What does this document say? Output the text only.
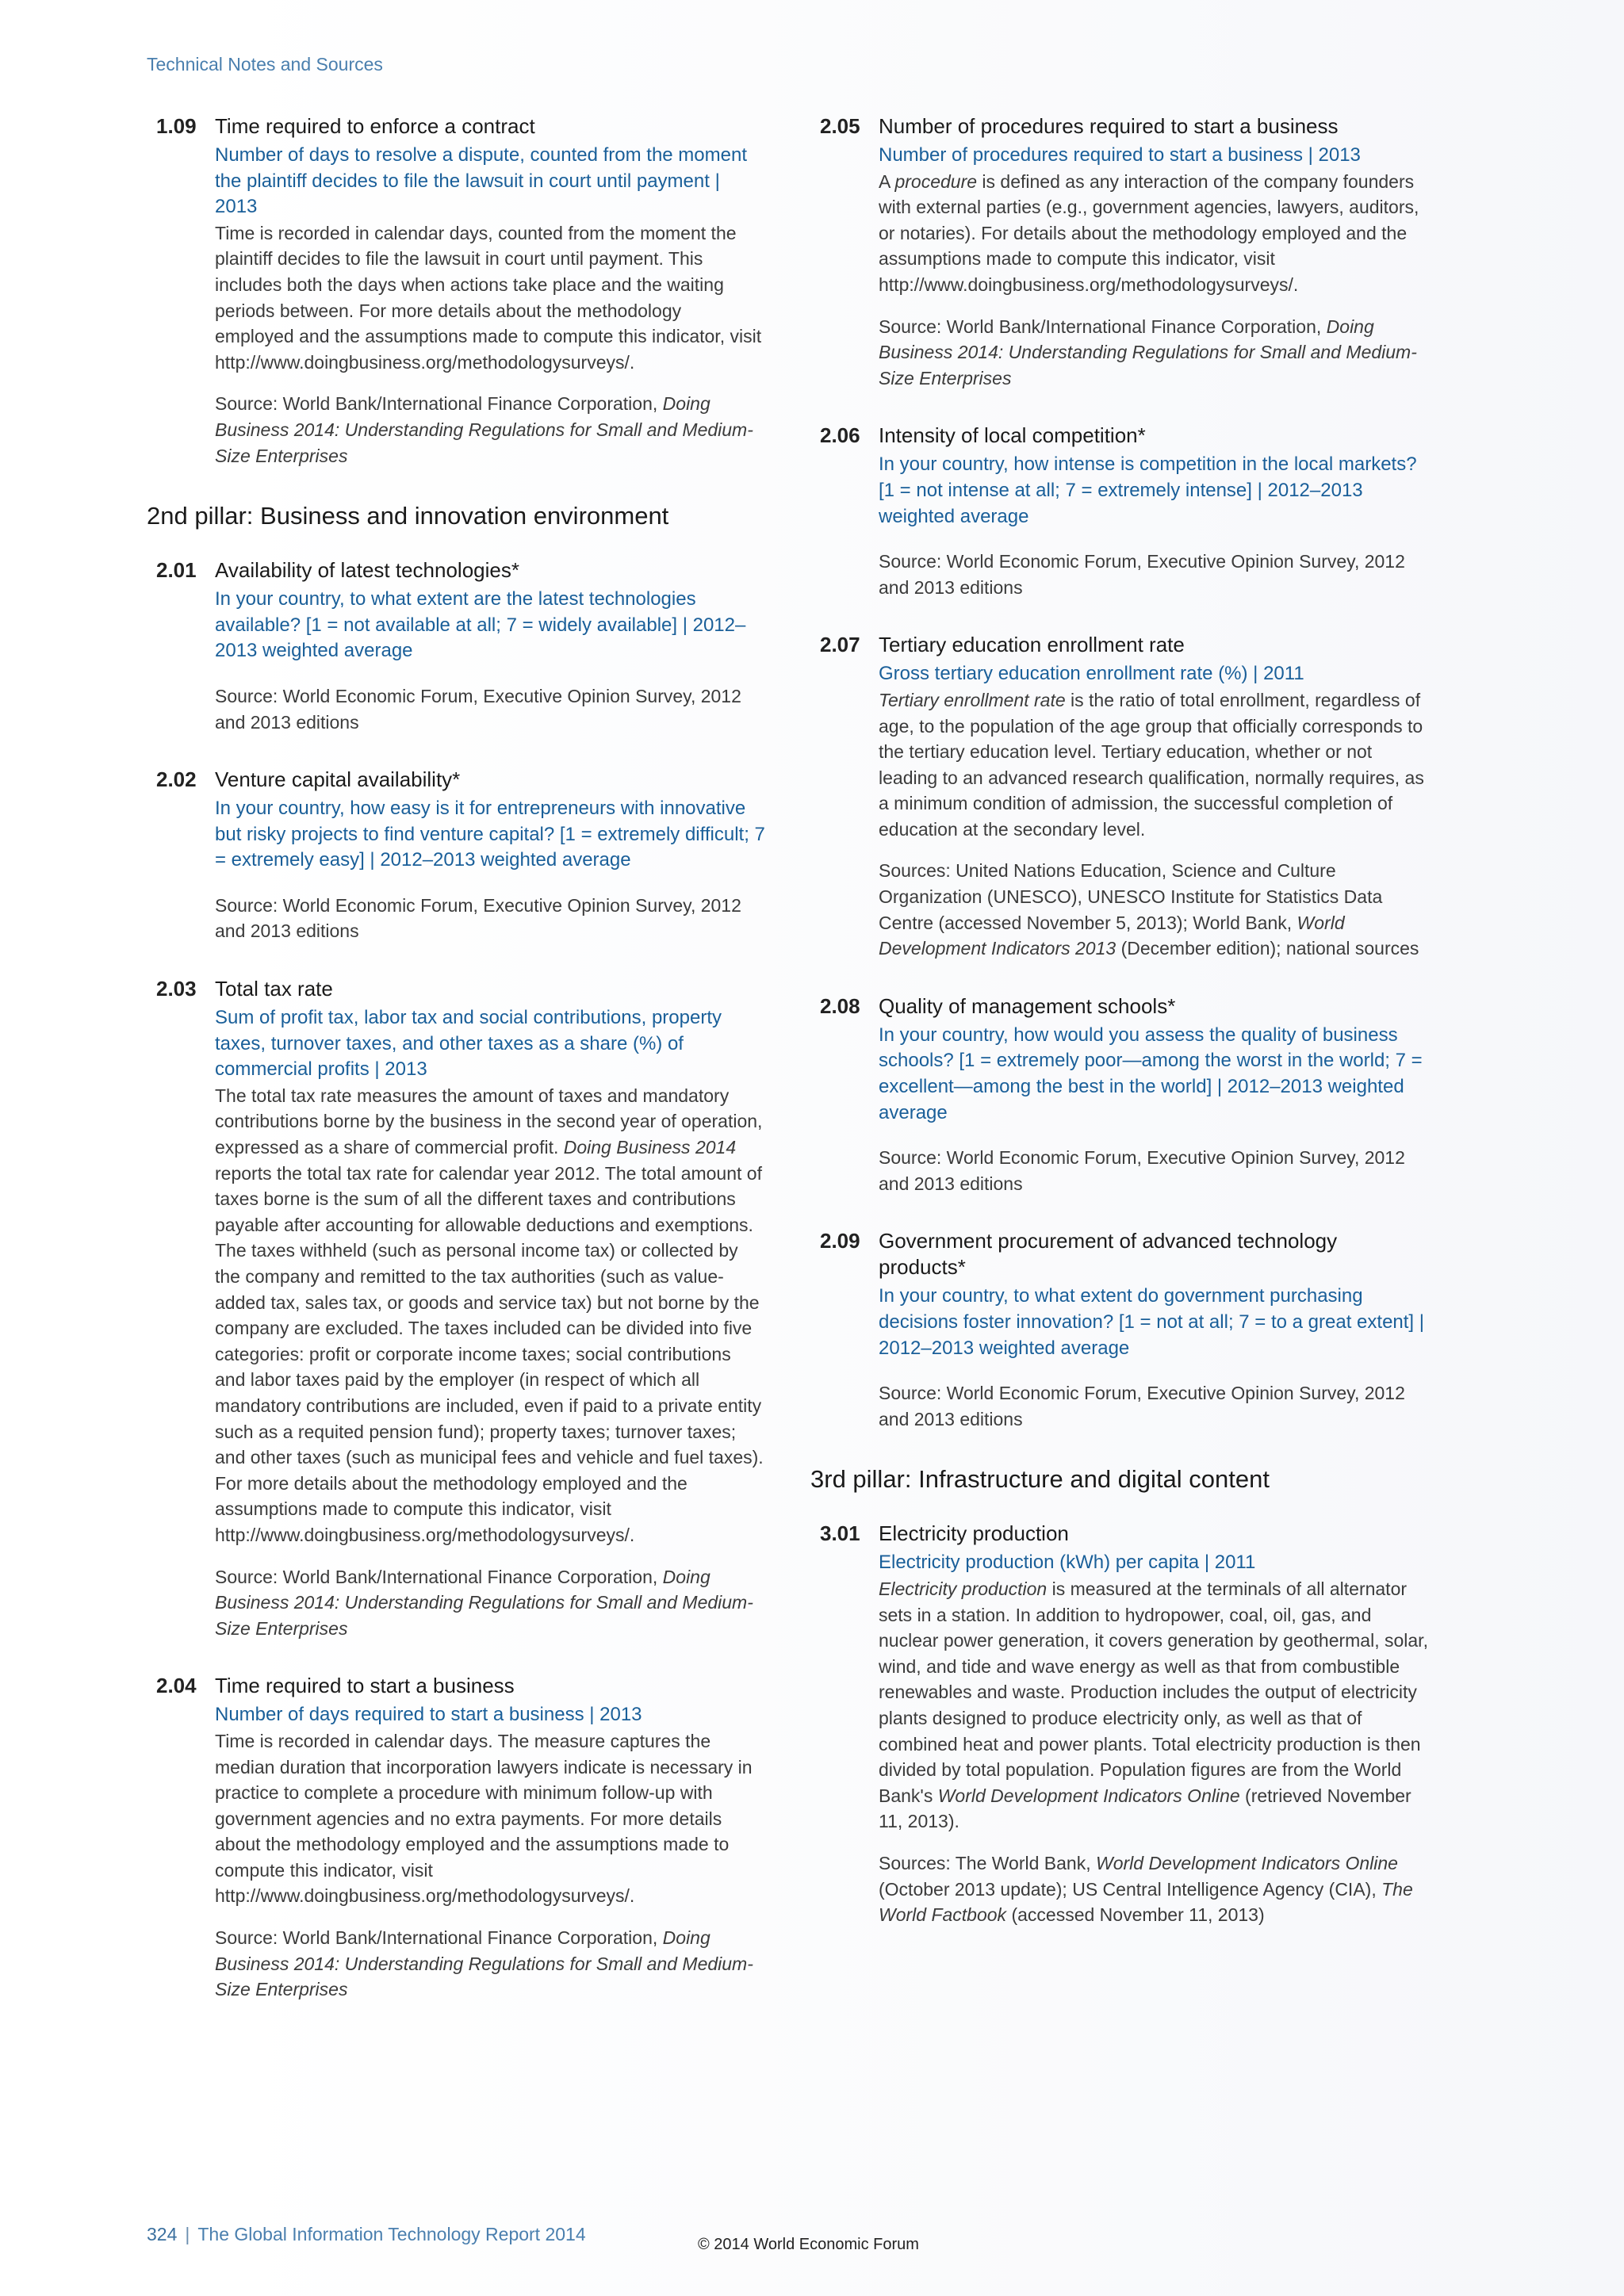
Technical Notes and Sources
1.09 Time required to enforce a contract
Number of days to resolve a dispute, counted from the moment the plaintiff decides to file the lawsuit in court until payment | 2013

Time is recorded in calendar days, counted from the moment the plaintiff decides to file the lawsuit in court until payment. This includes both the days when actions take place and the waiting periods between. For more details about the methodology employed and the assumptions made to compute this indicator, visit http://www.doingbusiness.org/methodologysurveys/.

Source: World Bank/International Finance Corporation, Doing Business 2014: Understanding Regulations for Small and Medium-Size Enterprises
2nd pillar: Business and innovation environment
2.01 Availability of latest technologies*
In your country, to what extent are the latest technologies available? [1 = not available at all; 7 = widely available] | 2012–2013 weighted average
Source: World Economic Forum, Executive Opinion Survey, 2012 and 2013 editions
2.02 Venture capital availability*
In your country, how easy is it for entrepreneurs with innovative but risky projects to find venture capital? [1 = extremely difficult; 7 = extremely easy] | 2012–2013 weighted average
Source: World Economic Forum, Executive Opinion Survey, 2012 and 2013 editions
2.03 Total tax rate
Sum of profit tax, labor tax and social contributions, property taxes, turnover taxes, and other taxes as a share (%) of commercial profits | 2013

The total tax rate measures the amount of taxes and mandatory contributions borne by the business in the second year of operation, expressed as a share of commercial profit. Doing Business 2014 reports the total tax rate for calendar year 2012. The total amount of taxes borne is the sum of all the different taxes and contributions payable after accounting for allowable deductions and exemptions. The taxes withheld (such as personal income tax) or collected by the company and remitted to the tax authorities (such as value-added tax, sales tax, or goods and service tax) but not borne by the company are excluded. The taxes included can be divided into five categories: profit or corporate income taxes; social contributions and labor taxes paid by the employer (in respect of which all mandatory contributions are included, even if paid to a private entity such as a requited pension fund); property taxes; turnover taxes; and other taxes (such as municipal fees and vehicle and fuel taxes). For more details about the methodology employed and the assumptions made to compute this indicator, visit http://www.doingbusiness.org/methodologysurveys/.

Source: World Bank/International Finance Corporation, Doing Business 2014: Understanding Regulations for Small and Medium-Size Enterprises
2.04 Time required to start a business
Number of days required to start a business | 2013

Time is recorded in calendar days. The measure captures the median duration that incorporation lawyers indicate is necessary in practice to complete a procedure with minimum follow-up with government agencies and no extra payments. For more details about the methodology employed and the assumptions made to compute this indicator, visit http://www.doingbusiness.org/methodologysurveys/.

Source: World Bank/International Finance Corporation, Doing Business 2014: Understanding Regulations for Small and Medium-Size Enterprises
2.05 Number of procedures required to start a business
Number of procedures required to start a business | 2013

A procedure is defined as any interaction of the company founders with external parties (e.g., government agencies, lawyers, auditors, or notaries). For details about the methodology employed and the assumptions made to compute this indicator, visit http://www.doingbusiness.org/methodologysurveys/.

Source: World Bank/International Finance Corporation, Doing Business 2014: Understanding Regulations for Small and Medium-Size Enterprises
2.06 Intensity of local competition*
In your country, how intense is competition in the local markets? [1 = not intense at all; 7 = extremely intense] | 2012–2013 weighted average
Source: World Economic Forum, Executive Opinion Survey, 2012 and 2013 editions
2.07 Tertiary education enrollment rate
Gross tertiary education enrollment rate (%) | 2011

Tertiary enrollment rate is the ratio of total enrollment, regardless of age, to the population of the age group that officially corresponds to the tertiary education level. Tertiary education, whether or not leading to an advanced research qualification, normally requires, as a minimum condition of admission, the successful completion of education at the secondary level.

Sources: United Nations Education, Science and Culture Organization (UNESCO), UNESCO Institute for Statistics Data Centre (accessed November 5, 2013); World Bank, World Development Indicators 2013 (December edition); national sources
2.08 Quality of management schools*
In your country, how would you assess the quality of business schools? [1 = extremely poor—among the worst in the world; 7 = excellent—among the best in the world] | 2012–2013 weighted average
Source: World Economic Forum, Executive Opinion Survey, 2012 and 2013 editions
2.09 Government procurement of advanced technology products*
In your country, to what extent do government purchasing decisions foster innovation? [1 = not at all; 7 = to a great extent] | 2012–2013 weighted average
Source: World Economic Forum, Executive Opinion Survey, 2012 and 2013 editions
3rd pillar: Infrastructure and digital content
3.01 Electricity production
Electricity production (kWh) per capita | 2011

Electricity production is measured at the terminals of all alternator sets in a station. In addition to hydropower, coal, oil, gas, and nuclear power generation, it covers generation by geothermal, solar, wind, and tide and wave energy as well as that from combustible renewables and waste. Production includes the output of electricity plants designed to produce electricity only, as well as that of combined heat and power plants. Total electricity production is then divided by total population. Population figures are from the World Bank's World Development Indicators Online (retrieved November 11, 2013).

Sources: The World Bank, World Development Indicators Online (October 2013 update); US Central Intelligence Agency (CIA), The World Factbook (accessed November 11, 2013)
324 | The Global Information Technology Report 2014	© 2014 World Economic Forum
